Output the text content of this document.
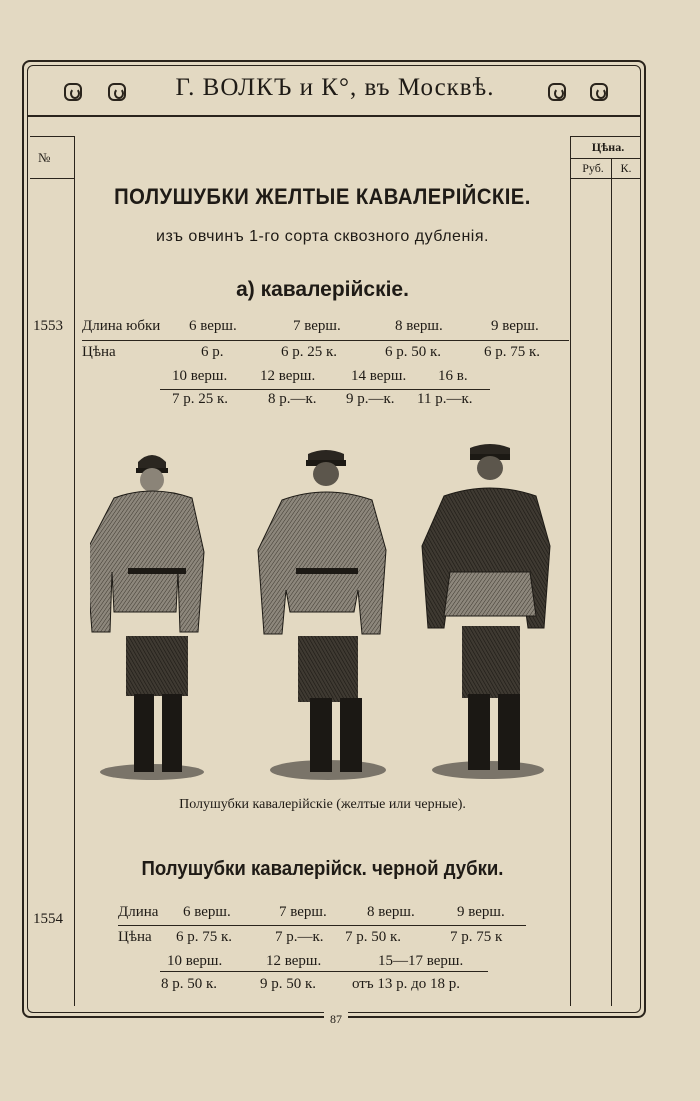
Г. ВОЛКЪ и К°, въ Москвѣ.
№
Цѣна.
Руб.	К.
ПОЛУШУБКИ ЖЕЛТЫЕ КАВАЛЕРІЙСКІЕ.
изъ овчинъ 1-го сорта сквозного дубленія.
а) кавалерійскіе.
1553 Длина юбки 6 верш.	7 верш.	8 верш.	9 верш.
Цѣна	6 р.	6 р. 25 к.	6 р. 50 к.	6 р. 75 к.
10 верш. 12 верш. 14 верш. 16 в.
7 р. 25 к.	8 р.—к. 9 р.—к. 11 р.—к.
Полушубки кавалерійскіе (желтые или черные).
Полушубки кавалерійск. черной дубки.
1554	Длина 6 верш.	7 верш.	8 верш.	9 верш.
Цѣна 6 р. 75 к.	7 р.—к. 7 р. 50 к.	7 р. 75 к
10 верш.	12 верш.	15—17 верш.
8 р. 50 к.	9 р. 50 к. отъ 13 р. до 18 р.
87
